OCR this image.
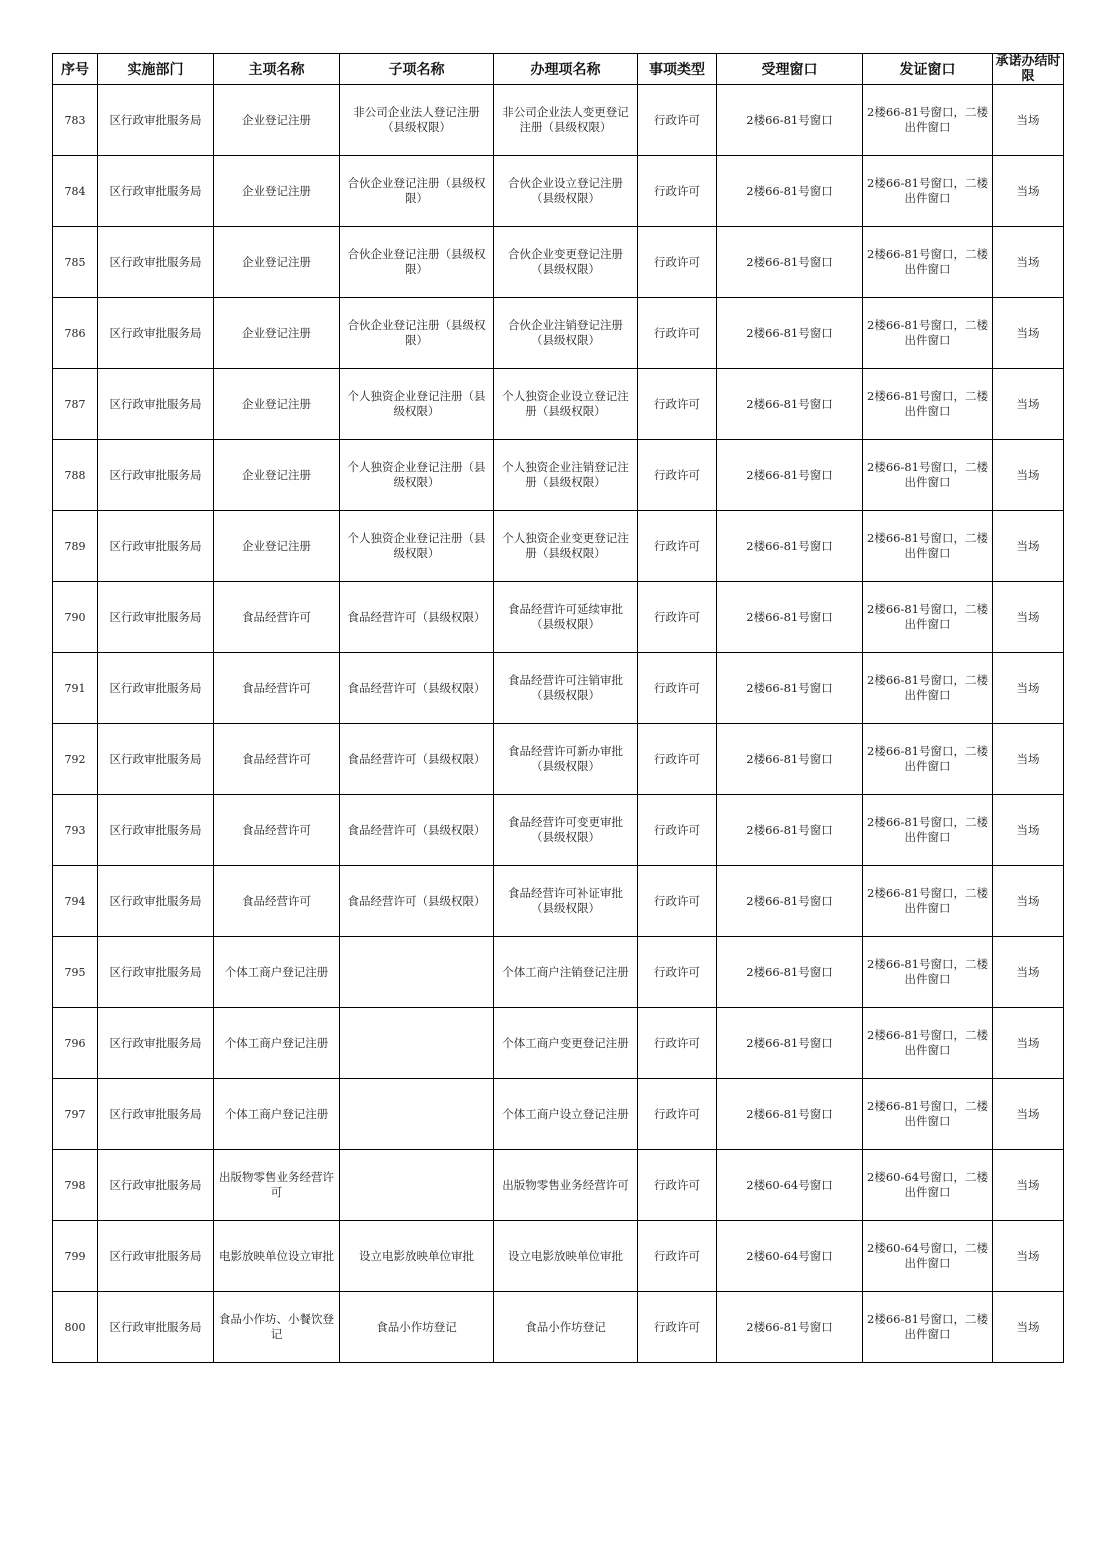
序号	实施部门	主项名称	子项名称	办理项名称	事项类型	受理窗口	发证窗口	承诺办结时限

783	区行政审批服务局	企业登记注册	非公司企业法人登记注册（县级权限）	非公司企业法人变更登记注册（县级权限）	行政许可	2楼66-81号窗口	2楼66-81号窗口，二楼出件窗口	当场
784	区行政审批服务局	企业登记注册	合伙企业登记注册（县级权限）	合伙企业设立登记注册（县级权限）	行政许可	2楼66-81号窗口	2楼66-81号窗口，二楼出件窗口	当场
785	区行政审批服务局	企业登记注册	合伙企业登记注册（县级权限）	合伙企业变更登记注册（县级权限）	行政许可	2楼66-81号窗口	2楼66-81号窗口，二楼出件窗口	当场
786	区行政审批服务局	企业登记注册	合伙企业登记注册（县级权限）	合伙企业注销登记注册（县级权限）	行政许可	2楼66-81号窗口	2楼66-81号窗口，二楼出件窗口	当场
787	区行政审批服务局	企业登记注册	个人独资企业登记注册（县级权限）	个人独资企业设立登记注册（县级权限）	行政许可	2楼66-81号窗口	2楼66-81号窗口，二楼出件窗口	当场
788	区行政审批服务局	企业登记注册	个人独资企业登记注册（县级权限）	个人独资企业注销登记注册（县级权限）	行政许可	2楼66-81号窗口	2楼66-81号窗口，二楼出件窗口	当场
789	区行政审批服务局	企业登记注册	个人独资企业登记注册（县级权限）	个人独资企业变更登记注册（县级权限）	行政许可	2楼66-81号窗口	2楼66-81号窗口，二楼出件窗口	当场
790	区行政审批服务局	食品经营许可	食品经营许可（县级权限）	食品经营许可延续审批（县级权限）	行政许可	2楼66-81号窗口	2楼66-81号窗口，二楼出件窗口	当场
791	区行政审批服务局	食品经营许可	食品经营许可（县级权限）	食品经营许可注销审批（县级权限）	行政许可	2楼66-81号窗口	2楼66-81号窗口，二楼出件窗口	当场
792	区行政审批服务局	食品经营许可	食品经营许可（县级权限）	食品经营许可新办审批（县级权限）	行政许可	2楼66-81号窗口	2楼66-81号窗口，二楼出件窗口	当场
793	区行政审批服务局	食品经营许可	食品经营许可（县级权限）	食品经营许可变更审批（县级权限）	行政许可	2楼66-81号窗口	2楼66-81号窗口，二楼出件窗口	当场
794	区行政审批服务局	食品经营许可	食品经营许可（县级权限）	食品经营许可补证审批（县级权限）	行政许可	2楼66-81号窗口	2楼66-81号窗口，二楼出件窗口	当场
795	区行政审批服务局	个体工商户登记注册		个体工商户注销登记注册	行政许可	2楼66-81号窗口	2楼66-81号窗口，二楼出件窗口	当场
796	区行政审批服务局	个体工商户登记注册		个体工商户变更登记注册	行政许可	2楼66-81号窗口	2楼66-81号窗口，二楼出件窗口	当场
797	区行政审批服务局	个体工商户登记注册		个体工商户设立登记注册	行政许可	2楼66-81号窗口	2楼66-81号窗口，二楼出件窗口	当场
798	区行政审批服务局	出版物零售业务经营许可		出版物零售业务经营许可	行政许可	2楼60-64号窗口	2楼60-64号窗口，二楼出件窗口	当场
799	区行政审批服务局	电影放映单位设立审批	设立电影放映单位审批	设立电影放映单位审批	行政许可	2楼60-64号窗口	2楼60-64号窗口，二楼出件窗口	当场
800	区行政审批服务局	食品小作坊、小餐饮登记	食品小作坊登记	食品小作坊登记	行政许可	2楼66-81号窗口	2楼66-81号窗口，二楼出件窗口	当场
